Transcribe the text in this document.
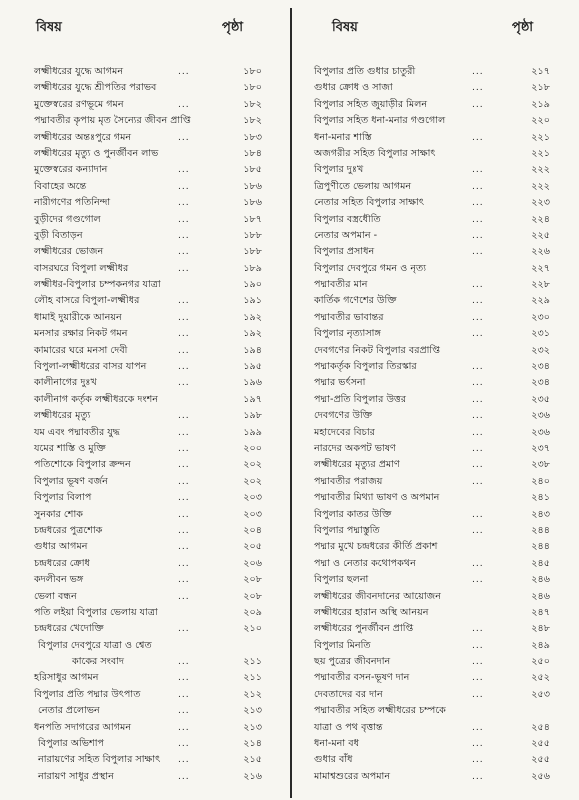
বিষয়	পৃষ্ঠা
লক্ষ্মীধরের যুদ্ধে আগমন	...	১৮০
লক্ষ্মীধরের যুদ্ধে শ্রীপতির পরাভব	১৮০
মুক্তেস্বরের রণভূমে গমন	...	১৮২
পদ্মাবতীর কৃপায় মৃত সৈন্যের জীবন প্রাপ্তি	১৮২
লক্ষ্মীধরের অন্তঃপুরে গমন	...	১৮৩
লক্ষ্মীধরের মৃত্যু ও পুনর্জীবন লাভ	১৮৪
মুক্তেস্বরের কন্যাদান	...	১৮৫
বিবাহের অন্তে	...	১৮৬
নারীগণের পতিনিন্দা	...	১৮৬
বুড়ীদের গণ্ডগোল	...	১৮৭
বুড়ী বিতাড়ন	...	১৮৮
লক্ষ্মীধরের ভোজন	...	১৮৮
বাসরঘরে বিপুলা লক্ষ্মীধর	...	১৮৯
লক্ষ্মীধর-বিপুলার চম্পকনগর যাত্রা	১৯০
লৌহ বাসরে বিপুলা-লক্ষ্মীধর	...	১৯১
ধামাই দুয়ারীকে আনয়ন	...	১৯২
মনসার রক্ষার নিকট গমন	...	১৯২
কামারের ঘরে মনসা দেবী	...	১৯৪
বিপুলা-লক্ষ্মীধরের বাসর যাপন	...	১৯৫
কালীনাগের দুঃখ	...	১৯৬
কালীনাগ কর্তৃক লক্ষ্মীধরকে দংশন	১৯৭
লক্ষ্মীধরের মৃত্যু	...	১৯৮
যম এবং পদ্মাবতীর যুদ্ধ	...	১৯৯
যমের শাস্তি ও মুক্তি	...	২০০
পতিশোকে বিপুলার ক্রন্দন	...	২০২
বিপুলার ভূষণ বর্জন	...	২০২
বিপুলার বিলাপ	...	২০৩
সুনকার শোক	...	২০৩
চন্দ্রধরের পুত্রশোক	...	২০৪
গুধার আগমন	...	২০৫
চন্দ্রধরের ক্রোধ	...	২০৬
কদলীবন ভঙ্গ	...	২০৮
ভেলা বন্ধন	...	২০৮
পতি লইয়া বিপুলার ভেলায় যাত্রা	২০৯
চন্দ্রধরের খেদোক্তি	...	২১০
বিপুলার দেবপুরে যাত্রা ও শ্বেত
কাকের সংবাদ	...	২১১
হরিসাধুর আগমন	...	২১১
বিপুলার প্রতি পদ্মার উৎপাত	...	২১২
নেতার প্রলোভন	...	২১৩
ধনপতি সদাগরের আগমন	...	২১৩
বিপুলার অভিশাপ	...	২১৪
নারায়ণের সহিত বিপুলার সাক্ষাৎ ...	২১৫
নারায়ণ সাধুর প্রস্থান	...	২১৬
বিষয়	পৃষ্ঠা
বিপুলার প্রতি গুধার চাতুরী	...	২১৭
গুধার ক্রোধ ও সাজা	...	২১৮
বিপুলার সহিত জুয়াড়ীর মিলন	...	২১৯
বিপুলার সহিত ধনা-মনার গণ্ডগোল	২২০
ধনা-মনার শাস্তি	...	২২১
অজগরীর সহিত বিপুলার সাক্ষাৎ	২২১
বিপুলার দুঃখ	...	২২২
ত্রিপুণীতে ভেলায় আগমন	...	২২২
নেতার সহিত বিপুলার সাক্ষাৎ	...	২২৩
বিপুলার বস্ত্রধৌতি	...	২২৪
নেতার অপমান -	...	২২৫
বিপুলার প্রসাধন	...	২২৬
বিপুলার দেবপুরে গমন ও নৃত্য	২২৭
পদ্মাবতীর মান	...	২২৮
কার্তিক গণেশের উক্তি	...	২২৯
পদ্মাবতীর ভাবান্তর	...	২৩০
বিপুলার নৃত্যাসাঙ্গ	...	২৩১
দেবগণের নিকট বিপুলার বরপ্রাপ্তি	২৩২
পদ্মাকর্তৃক বিপুলার তিরস্কার	...	২৩৪
পদ্মার ভর্ৎসনা	...	২৩৪
পদ্মা-প্রতি বিপুলার উত্তর	...	২৩৫
দেবগণের উক্তি	...	২৩৬
মহাদেবের বিচার	...	২৩৬
নারদের অকপট ভাষণ	...	২৩৭
লক্ষ্মীধরের মৃত্যুর প্রমাণ	...	২৩৮
পদ্মাবতীর পরাজয়	...	২৪০
পদ্মাবতীর মিথ্যা ভাষণ ও অপমান	২৪১
বিপুলার কাতর উক্তি	...	২৪৩
বিপুলার পদ্মাস্তুতি	...	২৪৪
পদ্মার মুখে চন্দ্রধরের কীর্তি প্রকাশ	২৪৪
পদ্মা ও নেতার কথোপকথন	...	২৪৫
বিপুলার ছলনা	...	২৪৬
লক্ষ্মীধরের জীবনদানের আয়োজন	২৪৬
লক্ষ্মীধরের হারান অস্থি আনয়ন	২৪৭
লক্ষ্মীধরের পুনর্জীবন প্রাপ্তি	...	২৪৮
বিপুলার মিনতি	...	২৪৯
ছয় পুত্রের জীবনদান	...	২৫০
পদ্মাবতীর বসন-ভূষণ দান	...	২৫২
দেবতাদের বর দান	...	২৫৩
পদ্মাবতীর সহিত লক্ষ্মীধরের চম্পকে
যাত্রা ও পথ বৃত্তান্ত	...	২৫৪
ধনা-মনা বধ	...	২৫৫
গুধার বাঁধ	...	২৫৫
মামাশ্বশুরের অপমান	...	২৫৬
